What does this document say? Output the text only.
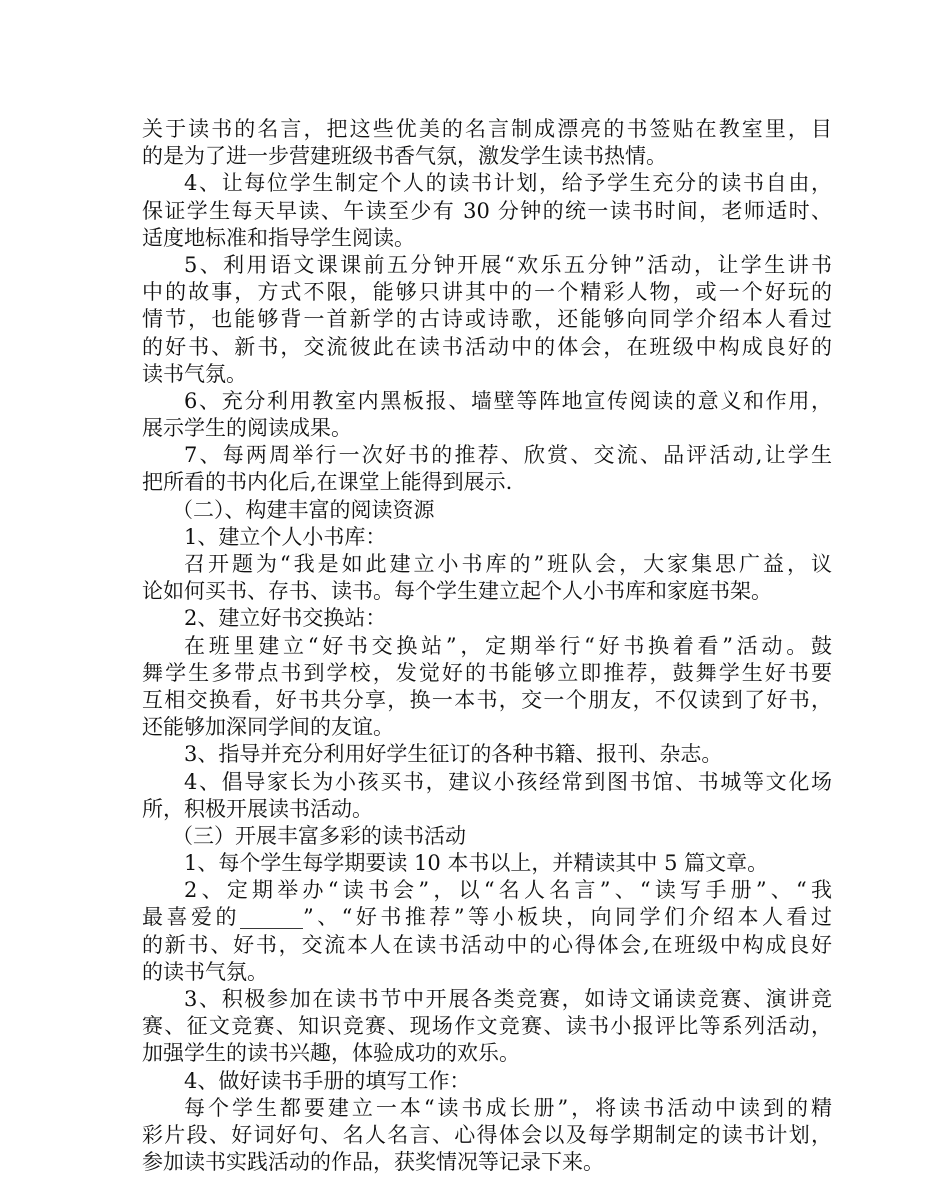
关于读书的名言，把这些优美的名言制成漂亮的书签贴在教室里，目
的是为了进一步营建班级书香气氛，激发学生读书热情。
4、让每位学生制定个人的读书计划，给予学生充分的读书自由，
保证学生每天早读、午读至少有 30 分钟的统一读书时间，老师适时、
适度地标准和指导学生阅读。
5、利用语文课课前五分钟开展“欢乐五分钟”活动，让学生讲书
中的故事，方式不限，能够只讲其中的一个精彩人物，或一个好玩的
情节，也能够背一首新学的古诗或诗歌，还能够向同学介绍本人看过
的好书、新书，交流彼此在读书活动中的体会，在班级中构成良好的
读书气氛。
6、充分利用教室内黑板报、墙壁等阵地宣传阅读的意义和作用，
展示学生的阅读成果。
7、每两周举行一次好书的推荐、欣赏、交流、品评活动,让学生
把所看的书内化后,在课堂上能得到展示.
（二）、构建丰富的阅读资源
1、建立个人小书库：
召开题为“我是如此建立小书库的”班队会，大家集思广益，议
论如何买书、存书、读书。每个学生建立起个人小书库和家庭书架。
2、建立好书交换站：
在班里建立“好书交换站”，定期举行“好书换着看”活动。鼓
舞学生多带点书到学校，发觉好的书能够立即推荐，鼓舞学生好书要
互相交换看，好书共分享，换一本书，交一个朋友，不仅读到了好书，
还能够加深同学间的友谊。
3、指导并充分利用好学生征订的各种书籍、报刊、杂志。
4、倡导家长为小孩买书，建议小孩经常到图书馆、书城等文化场
所，积极开展读书活动。
（三）开展丰富多彩的读书活动
1、每个学生每学期要读 10 本书以上，并精读其中 5 篇文章。
2、定期举办“读书会”，以“名人名言”、“读写手册”、“我
最喜爱的______”、“好书推荐”等小板块，向同学们介绍本人看过
的新书、好书，交流本人在读书活动中的心得体会,在班级中构成良好
的读书气氛。
3、积极参加在读书节中开展各类竞赛，如诗文诵读竞赛、演讲竞
赛、征文竞赛、知识竞赛、现场作文竞赛、读书小报评比等系列活动，
加强学生的读书兴趣，体验成功的欢乐。
4、做好读书手册的填写工作：
每个学生都要建立一本“读书成长册”，将读书活动中读到的精
彩片段、好词好句、名人名言、心得体会以及每学期制定的读书计划，
参加读书实践活动的作品，获奖情况等记录下来。
